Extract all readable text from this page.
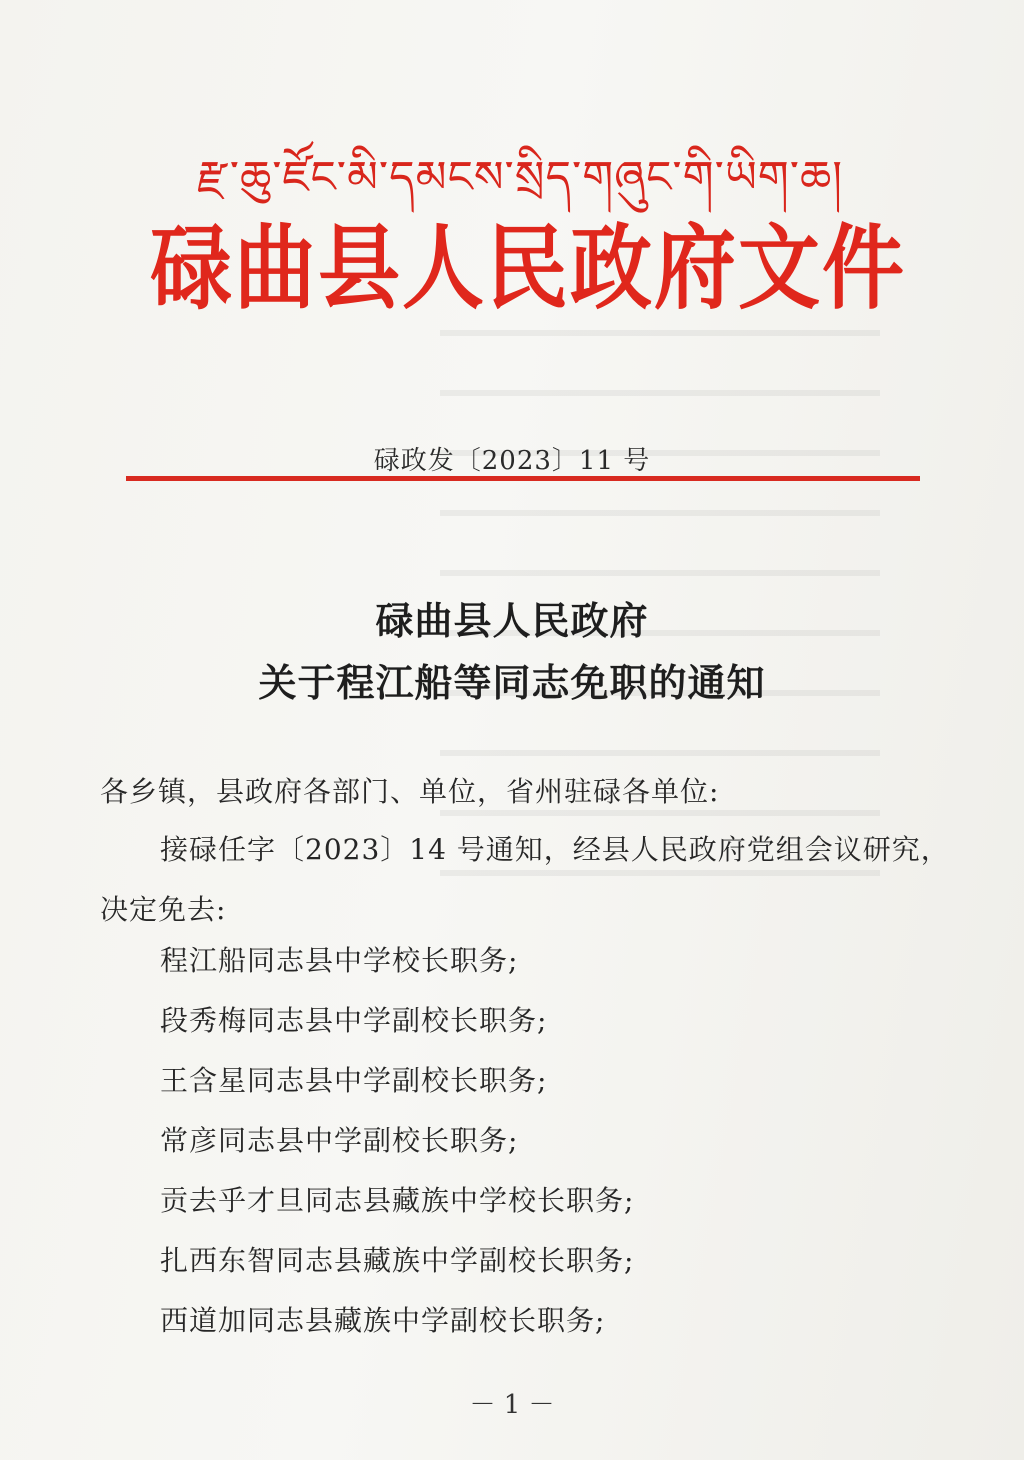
རྫ་ཆུ་ཛོང་མི་དམངས་སྲིད་གཞུང་གི་ཡིག་ཆ།
碌曲县人民政府文件
碌政发〔2023〕11 号
碌曲县人民政府
关于程江船等同志免职的通知
各乡镇，县政府各部门、单位，省州驻碌各单位:
接碌任字〔2023〕14 号通知，经县人民政府党组会议研究，
决定免去:
程江船同志县中学校长职务;
段秀梅同志县中学副校长职务;
王含星同志县中学副校长职务;
常彦同志县中学副校长职务;
贡去乎才旦同志县藏族中学校长职务;
扎西东智同志县藏族中学副校长职务;
西道加同志县藏族中学副校长职务;
－ 1 －
